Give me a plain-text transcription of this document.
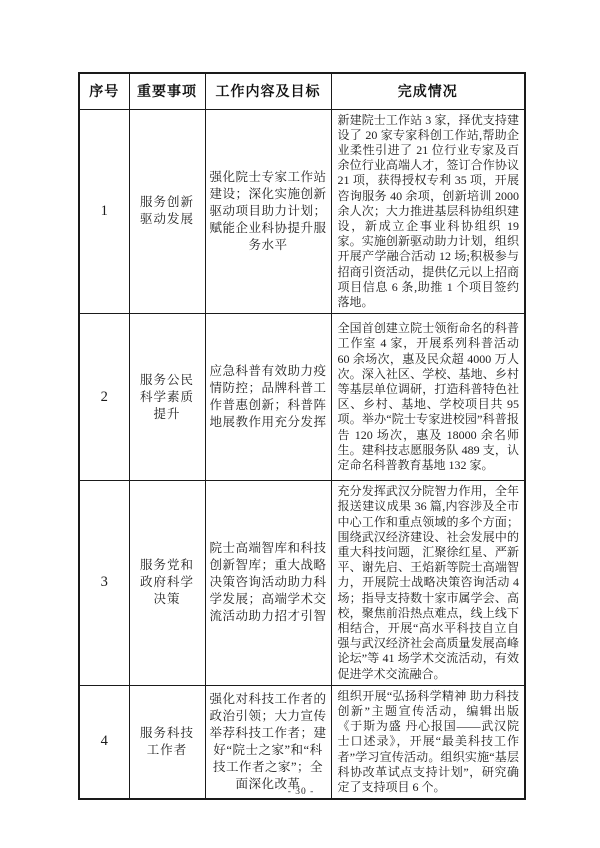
序号	重要事项	工作内容及目标	完成情况
1	服务创新驱动发展	强化院士专家工作站建设；深化实施创新驱动项目助力计划；赋能企业科协提升服务水平	新建院士工作站 3 家，择优支持建设了 20 家专家科创工作站,帮助企业柔性引进了 21 位行业专家及百余位行业高端人才，签订合作协议 21 项，获得授权专利 35 项，开展咨询服务 40 余项，创新培训 2000 余人次；大力推进基层科协组织建设，新成立企事业科协组织 19 家。实施创新驱动助力计划，组织开展产学融合活动 12 场;积极参与招商引资活动，提供亿元以上招商项目信息 6 条,助推 1 个项目签约落地。
2	服务公民科学素质提升	应急科普有效助力疫情防控；品牌科普工作普惠创新；科普阵地展教作用充分发挥	全国首创建立院士领衔命名的科普工作室 4 家，开展系列科普活动 60 余场次，惠及民众超 4000 万人次。深入社区、学校、基地、乡村等基层单位调研，打造科普特色社区、乡村、基地、学校项目共 95 项。举办“院士专家进校园”科普报告 120 场次，惠及 18000 余名师生。建科技志愿服务队 489 支，认定命名科普教育基地 132 家。
3	服务党和政府科学决策	院士高端智库和科技创新智库；重大战略决策咨询活动助力科学发展；高端学术交流活动助力招才引智	充分发挥武汉分院智力作用，全年报送建议成果 36 篇,内容涉及全市中心工作和重点领域的多个方面；围绕武汉经济建设、社会发展中的重大科技问题，汇聚徐红星、严新平、谢先启、王焰新等院士高端智力，开展院士战略决策咨询活动 4 场；指导支持数十家市属学会、高校，聚焦前沿热点难点，线上线下相结合，开展“高水平科技自立自强与武汉经济社会高质量发展高峰论坛”等 41 场学术交流活动，有效促进学术交流融合。
4	服务科技工作者	强化对科技工作者的政治引领；大力宣传举荐科技工作者；建好“院士之家”和“科技工作者之家”；全面深化改革	组织开展“弘扬科学精神 助力科技创新”主题宣传活动，编辑出版《于斯为盛 丹心报国——武汉院士口述录》，开展“最美科技工作者”学习宣传活动。组织实施“基层科协改革试点支持计划”，研究确定了支持项目 6 个。
- 30 -
